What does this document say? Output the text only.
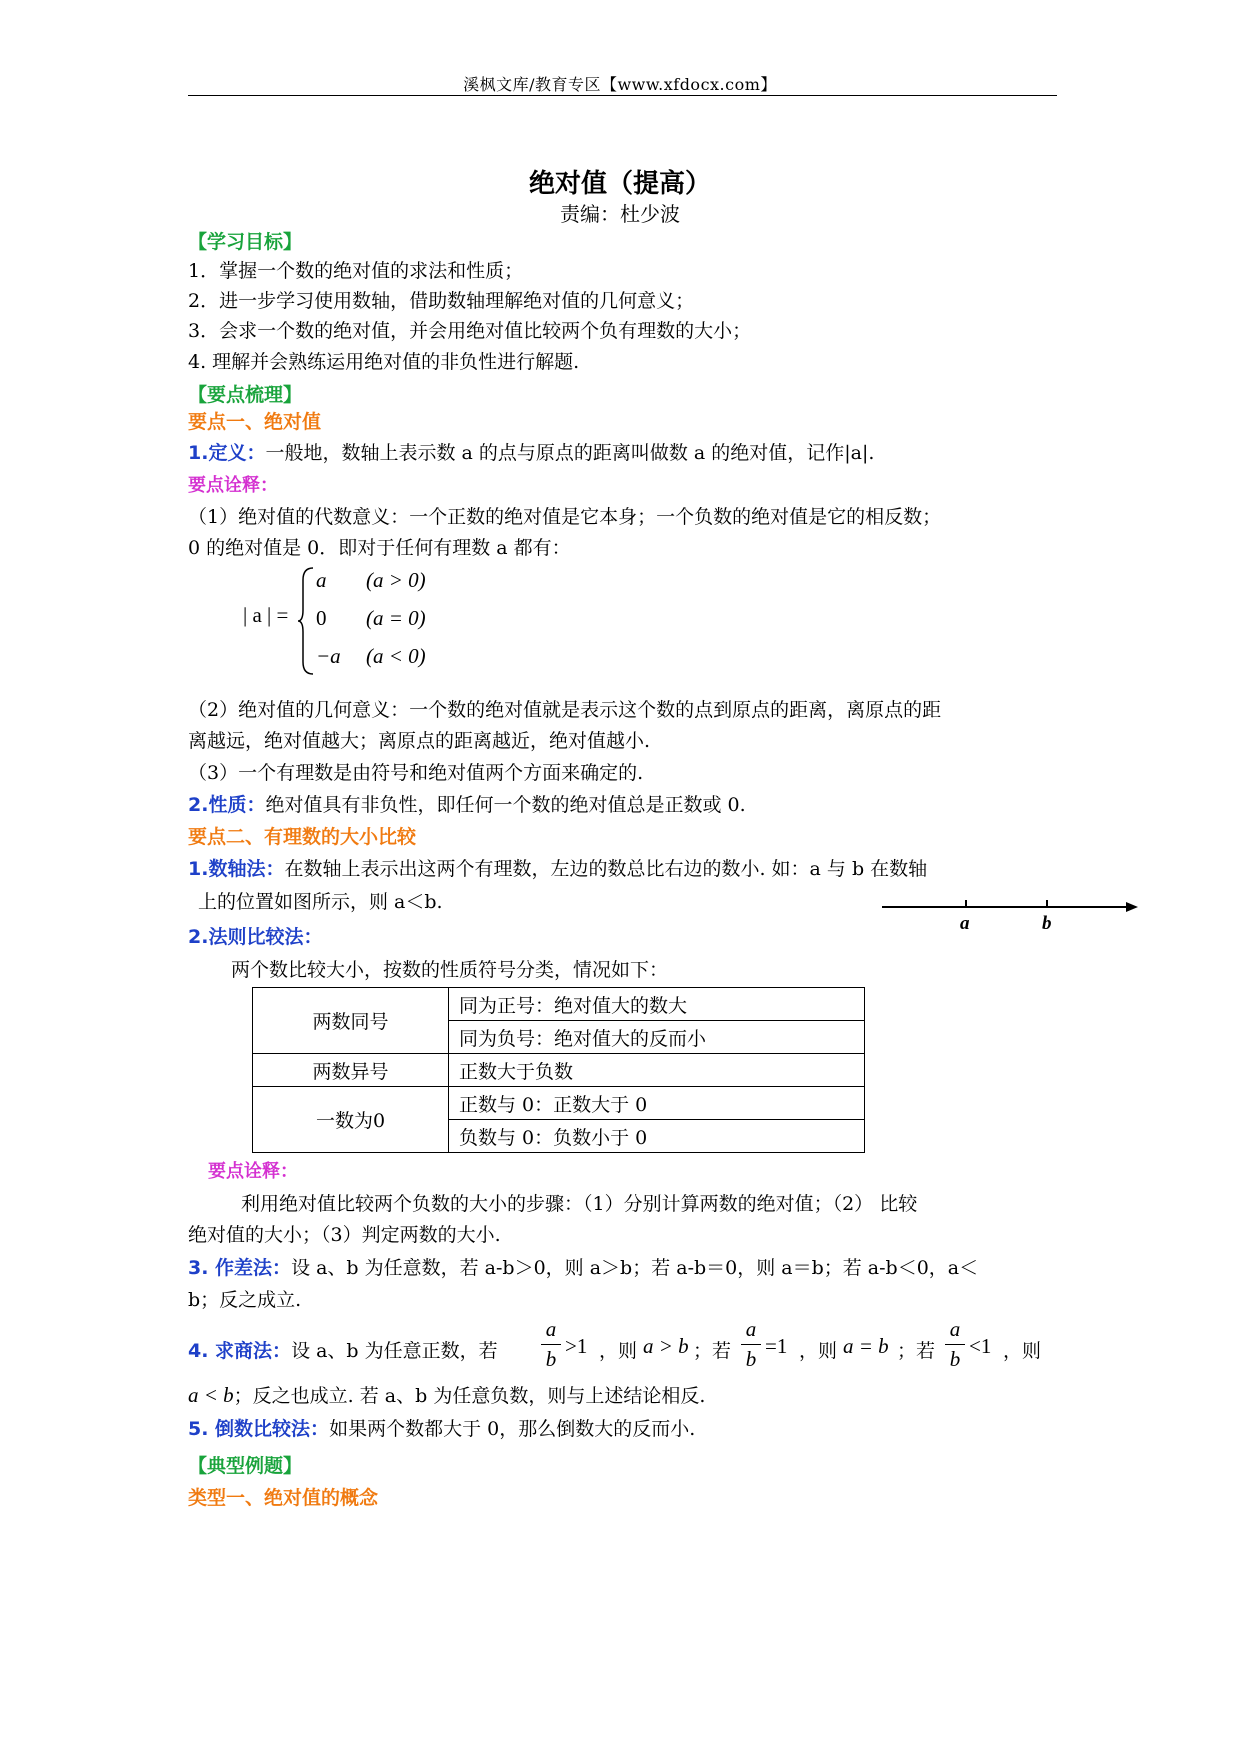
溪枫文库/教育专区【www.xfdocx.com】
绝对值（提高）
责编：杜少波
【学习目标】
1．掌握一个数的绝对值的求法和性质；
2．进一步学习使用数轴，借助数轴理解绝对值的几何意义；
3．会求一个数的绝对值，并会用绝对值比较两个负有理数的大小；
4. 理解并会熟练运用绝对值的非负性进行解题.
【要点梳理】
要点一、绝对值
1.定义：一般地，数轴上表示数 a 的点与原点的距离叫做数 a 的绝对值，记作|a|.
要点诠释：
（1）绝对值的代数意义：一个正数的绝对值是它本身；一个负数的绝对值是它的相反数；
0 的绝对值是 0．即对于任何有理数 a 都有：
| a | =
a (a > 0)
0 (a = 0)
−a (a < 0)
（2）绝对值的几何意义：一个数的绝对值就是表示这个数的点到原点的距离，离原点的距
离越远，绝对值越大；离原点的距离越近，绝对值越小.
（3）一个有理数是由符号和绝对值两个方面来确定的.
2.性质：绝对值具有非负性，即任何一个数的绝对值总是正数或 0.
要点二、有理数的大小比较
1.数轴法：在数轴上表示出这两个有理数，左边的数总比右边的数小. 如：a 与 b 在数轴
上的位置如图所示，则 a＜b.
a	b
2.法则比较法：
两个数比较大小，按数的性质符号分类，情况如下：
两数同号	同为正号：绝对值大的数大
	同为负号：绝对值大的反而小
两数异号	正数大于负数
一数为0	正数与 0：正数大于 0
	负数与 0：负数小于 0
要点诠释：
利用绝对值比较两个负数的大小的步骤：（1）分别计算两数的绝对值；（2） 比较
绝对值的大小；（3）判定两数的大小.
3. 作差法：设 a、b 为任意数，若 a-b＞0，则 a＞b；若 a-b＝0，则 a＝b；若 a-b＜0，a＜
b；反之成立.
4. 求商法：设 a、b 为任意正数，若
a
b
>1 ，则 a > b ；若
a
b
=1 ，则 a = b ；若
a
b
<1 ，则
a < b；反之也成立. 若 a、b 为任意负数，则与上述结论相反.
5. 倒数比较法：如果两个数都大于 0，那么倒数大的反而小.
【典型例题】
类型一、绝对值的概念
